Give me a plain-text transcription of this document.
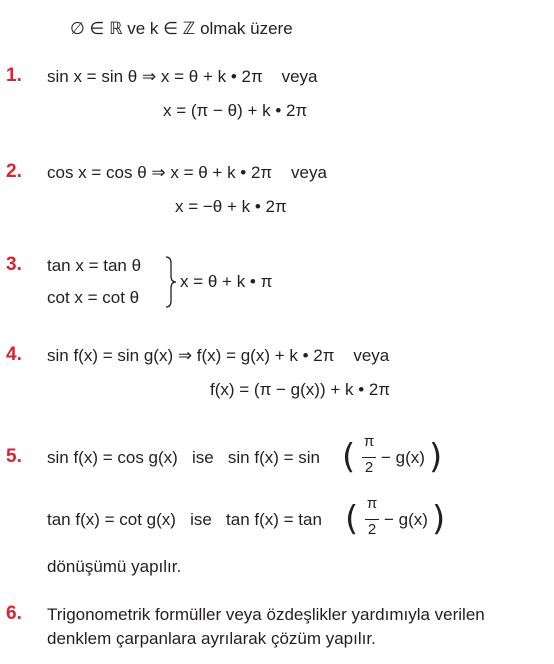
∅ ∈ ℝ ve k ∈ ℤ olmak üzere
1. sin x = sin θ ⇒ x = θ + k • 2π    veya
x = (π − θ) + k • 2π
2. cos x = cos θ ⇒ x = θ + k • 2π    veya
x = −θ + k • 2π
3. tan x = tan θ
cot x = cot θ
x = θ + k • π
4. sin f(x) = sin g(x) ⇒ f(x) = g(x) + k • 2π    veya
f(x) = (π − g(x)) + k • 2π
5. sin f(x) = cos g(x)   ise   sin f(x) = sin ( π
2
− g(x) )
tan f(x) = cot g(x)   ise   tan f(x) = tan ( π
2
− g(x) )
dönüşümü yapılır.
6. Trigonometrik formüller veya özdeşlikler yardımıyla verilen denklem çarpanlara ayrılarak çözüm yapılır.
